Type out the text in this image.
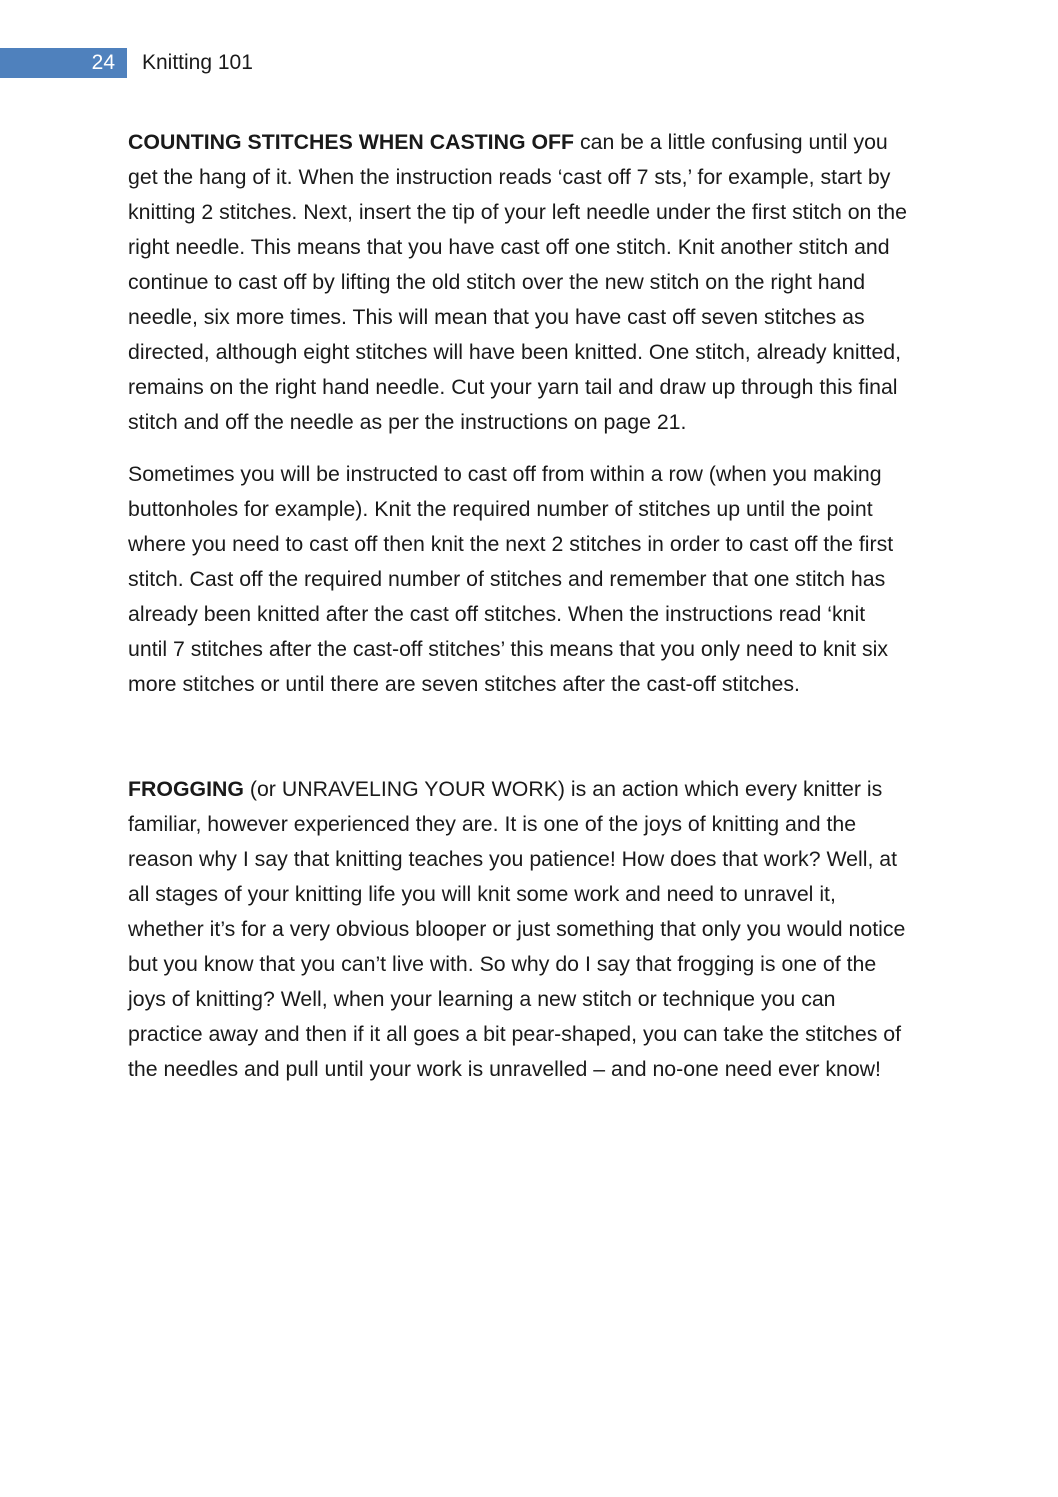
24	Knitting 101

COUNTING STITCHES WHEN CASTING OFF can be a little confusing until you get the hang of it. When the instruction reads ‘cast off 7 sts,’ for example, start by knitting 2 stitches. Next, insert the tip of your left needle under the first stitch on the right needle. This means that you have cast off one stitch. Knit another stitch and continue to cast off by lifting the old stitch over the new stitch on the right hand needle, six more times. This will mean that you have cast off seven stitches as directed, although eight stitches will have been knitted. One stitch, already knitted, remains on the right hand needle. Cut your yarn tail and draw up through this final stitch and off the needle as per the instructions on page 21.

Sometimes you will be instructed to cast off from within a row (when you making buttonholes for example). Knit the required number of stitches up until the point where you need to cast off then knit the next 2 stitches in order to cast off the first stitch. Cast off the required number of stitches and remember that one stitch has already been knitted after the cast off stitches. When the instructions read ‘knit until 7 stitches after the cast-off stitches’ this means that you only need to knit six more stitches or until there are seven stitches after the cast-off stitches.

FROGGING (or UNRAVELING YOUR WORK) is an action which every knitter is familiar, however experienced they are. It is one of the joys of knitting and the reason why I say that knitting teaches you patience! How does that work? Well, at all stages of your knitting life you will knit some work and need to unravel it, whether it’s for a very obvious blooper or just something that only you would notice but you know that you can’t live with. So why do I say that frogging is one of the joys of knitting? Well, when your learning a new stitch or technique you can practice away and then if it all goes a bit pear-shaped, you can take the stitches of the needles and pull until your work is unravelled – and no-one need ever know!
